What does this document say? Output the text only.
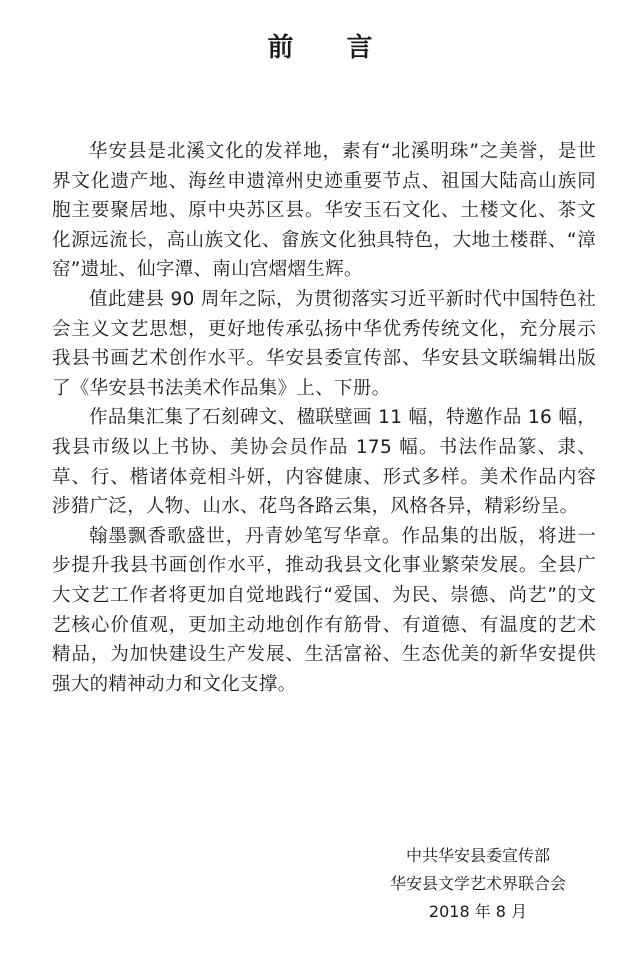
前 言

华安县是北溪文化的发祥地，素有“北溪明珠”之美誉，是世界文化遗产地、海丝申遗漳州史迹重要节点、祖国大陆高山族同胞主要聚居地、原中央苏区县。华安玉石文化、土楼文化、茶文化源远流长，高山族文化、畲族文化独具特色，大地土楼群、“漳窑”遗址、仙字潭、南山宫熠熠生辉。

值此建县 90 周年之际，为贯彻落实习近平新时代中国特色社会主义文艺思想，更好地传承弘扬中华优秀传统文化，充分展示我县书画艺术创作水平。华安县委宣传部、华安县文联编辑出版了《华安县书法美术作品集》上、下册。

作品集汇集了石刻碑文、楹联壁画 11 幅，特邀作品 16 幅，我县市级以上书协、美协会员作品 175 幅。书法作品篆、隶、草、行、楷诸体竞相斗妍，内容健康、形式多样。美术作品内容涉猎广泛，人物、山水、花鸟各路云集，风格各异，精彩纷呈。

翰墨飘香歌盛世，丹青妙笔写华章。作品集的出版，将进一步提升我县书画创作水平，推动我县文化事业繁荣发展。全县广大文艺工作者将更加自觉地践行“爱国、为民、崇德、尚艺”的文艺核心价值观，更加主动地创作有筋骨、有道德、有温度的艺术精品，为加快建设生产发展、生活富裕、生态优美的新华安提供强大的精神动力和文化支撑。

中共华安县委宣传部
华安县文学艺术界联合会
2018 年 8 月
